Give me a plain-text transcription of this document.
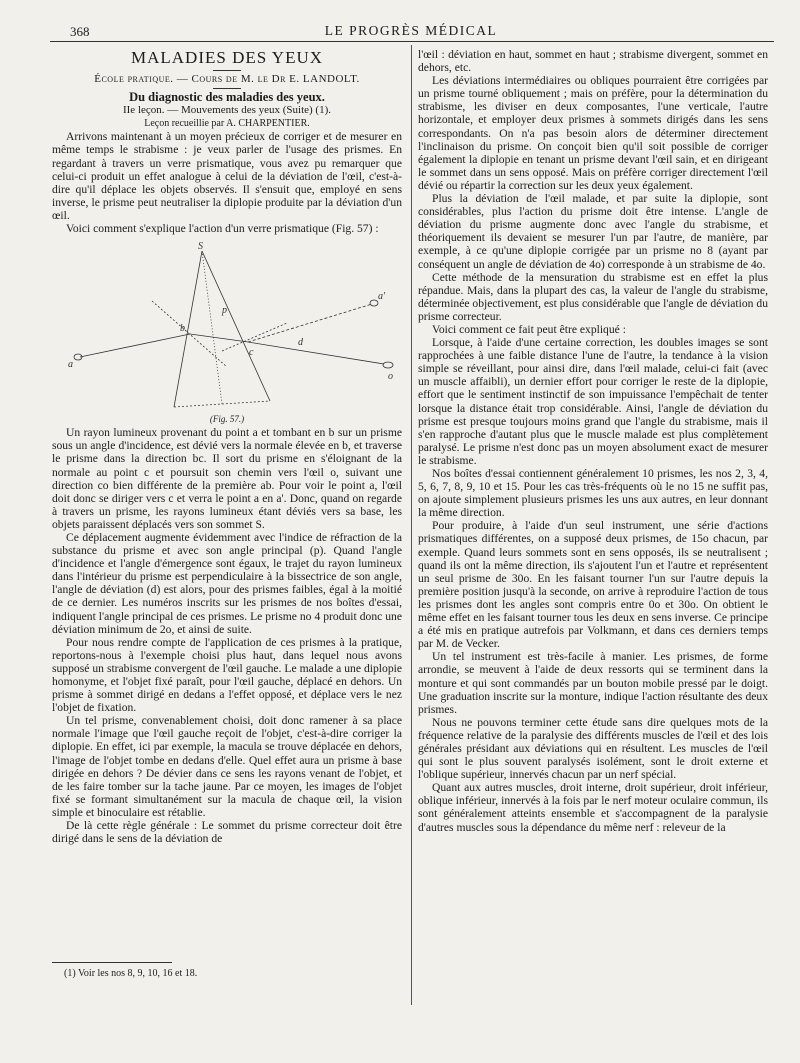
368	LE PROGRÈS MÉDICAL

MALADIES DES YEUX

École pratique. — Cours de M. le Dr E. LANDOLT.

Du diagnostic des maladies des yeux.

IIe leçon. — Mouvements des yeux (Suite) (1).

Leçon recueillie par A. CHARPENTIER.

Arrivons maintenant à un moyen précieux de corriger et de mesurer en même temps le strabisme : je veux parler de l'usage des prismes. En regardant à travers un verre prismatique, vous avez pu remarquer que celui-ci produit un effet analogue à celui de la déviation de l'œil, c'est-à-dire qu'il déplace les objets observés. Il s'ensuit que, employé en sens inverse, le prisme peut neutraliser la diplopie produite par la déviation d'un œil.

Voici comment s'explique l'action d'un verre prismatique (Fig. 57) :

S
a
a'
b
c
o
p
d

(Fig. 57.)

Un rayon lumineux provenant du point a et tombant en b sur un prisme sous un angle d'incidence, est dévié vers la normale élevée en b, et traverse le prisme dans la direction bc. Il sort du prisme en s'éloignant de la normale au point c et poursuit son chemin vers l'œil o, suivant une direction co bien différente de la première ab. Pour voir le point a, l'œil doit donc se diriger vers c et verra le point a en a'. Donc, quand on regarde à travers un prisme, les rayons lumineux étant déviés vers sa base, les objets paraissent déplacés vers son sommet S.

Ce déplacement augmente évidemment avec l'indice de réfraction de la substance du prisme et avec son angle principal (p). Quand l'angle d'incidence et l'angle d'émergence sont égaux, le trajet du rayon lumineux dans l'intérieur du prisme est perpendiculaire à la bissectrice de son angle, l'angle de déviation (d) est alors, pour des prismes faibles, égal à la moitié de ce dernier. Les numéros inscrits sur les prismes de nos boîtes d'essai, indiquent l'angle principal de ces prismes. Le prisme no 4 produit donc une déviation minimum de 2o, et ainsi de suite.

Pour nous rendre compte de l'application de ces prismes à la pratique, reportons-nous à l'exemple choisi plus haut, dans lequel nous avons supposé un strabisme convergent de l'œil gauche. Le malade a une diplopie homonyme, et l'objet fixé paraît, pour l'œil gauche, déplacé en dehors. Un prisme à sommet dirigé en dedans a l'effet opposé, et déplace vers le nez l'objet de fixation.

Un tel prisme, convenablement choisi, doit donc ramener à sa place normale l'image que l'œil gauche reçoit de l'objet, c'est-à-dire corriger la diplopie. En effet, ici par exemple, la macula se trouve déplacée en dehors, l'image de l'objet tombe en dedans d'elle. Quel effet aura un prisme à base dirigée en dehors ? De dévier dans ce sens les rayons venant de l'objet, et de les faire tomber sur la tache jaune. Par ce moyen, les images de l'objet fixé se formant simultanément sur la macula de chaque œil, la vision simple et binoculaire est rétablie.

De là cette règle générale : Le sommet du prisme correcteur doit être dirigé dans le sens de la déviation de

(1) Voir les nos 8, 9, 10, 16 et 18.

l'œil : déviation en haut, sommet en haut ; strabisme divergent, sommet en dehors, etc.

Les déviations intermédiaires ou obliques pourraient être corrigées par un prisme tourné obliquement ; mais on préfère, pour la détermination du strabisme, les diviser en deux composantes, l'une verticale, l'autre horizontale, et employer deux prismes à sommets dirigés dans les sens correspondants. On n'a pas besoin alors de déterminer directement l'inclinaison du prisme. On conçoit bien qu'il soit possible de corriger également la diplopie en tenant un prisme devant l'œil sain, et en dirigeant le sommet dans un sens opposé. Mais on préfère corriger directement l'œil dévié ou répartir la correction sur les deux yeux également.

Plus la déviation de l'œil malade, et par suite la diplopie, sont considérables, plus l'action du prisme doit être intense. L'angle de déviation du prisme augmente donc avec l'angle du strabisme, et théoriquement ils devaient se mesurer l'un par l'autre, de manière, par exemple, à ce qu'une diplopie corrigée par un prisme no 8 (ayant par conséquent un angle de déviation de 4o) corresponde à un strabisme de 4o.

Cette méthode de la mensuration du strabisme est en effet la plus répandue. Mais, dans la plupart des cas, la valeur de l'angle du strabisme, déterminée objectivement, est plus considérable que l'angle de déviation du prisme correcteur.

Voici comment ce fait peut être expliqué :

Lorsque, à l'aide d'une certaine correction, les doubles images se sont rapprochées à une faible distance l'une de l'autre, la tendance à la vision simple se réveillant, pour ainsi dire, dans l'œil malade, celui-ci fait (avec un muscle affaibli), un dernier effort pour corriger le reste de la diplopie, effort que le sentiment instinctif de son impuissance l'empêchait de tenter lorsque la distance était trop considérable. Ainsi, l'angle de déviation du prisme est presque toujours moins grand que l'angle du strabisme, mais il s'en rapproche d'autant plus que le muscle malade est plus complètement paralysé. Le prisme n'est donc pas un moyen absolument exact de mesurer le strabisme.

Nos boîtes d'essai contiennent généralement 10 prismes, les nos 2, 3, 4, 5, 6, 7, 8, 9, 10 et 15. Pour les cas très-fréquents où le no 15 ne suffit pas, on ajoute simplement plusieurs prismes les uns aux autres, en leur donnant la même direction.

Pour produire, à l'aide d'un seul instrument, une série d'actions prismatiques différentes, on a supposé deux prismes, de 15o chacun, par exemple. Quand leurs sommets sont en sens opposés, ils se neutralisent ; quand ils ont la même direction, ils s'ajoutent l'un et l'autre et représentent un seul prisme de 30o. En les faisant tourner l'un sur l'autre depuis la première position jusqu'à la seconde, on arrive à reproduire l'action de tous les prismes dont les angles sont compris entre 0o et 30o. On obtient le même effet en les faisant tourner tous les deux en sens inverse. Ce principe a été mis en pratique autrefois par Volkmann, et dans ces derniers temps par M. de Vecker.

Un tel instrument est très-facile à manier. Les prismes, de forme arrondie, se meuvent à l'aide de deux ressorts qui se terminent dans la monture et qui sont commandés par un bouton mobile pressé par le doigt. Une graduation inscrite sur la monture, indique l'action résultante des deux prismes.

Nous ne pouvons terminer cette étude sans dire quelques mots de la fréquence relative de la paralysie des différents muscles de l'œil et des lois générales présidant aux déviations qui en résultent. Les muscles de l'œil qui sont le plus souvent paralysés isolément, sont le droit externe et l'oblique supérieur, innervés chacun par un nerf spécial.

Quant aux autres muscles, droit interne, droit supérieur, droit inférieur, oblique inférieur, innervés à la fois par le nerf moteur oculaire commun, ils sont généralement atteints ensemble et s'accompagnent de la paralysie d'autres muscles sous la dépendance du même nerf : releveur de la
